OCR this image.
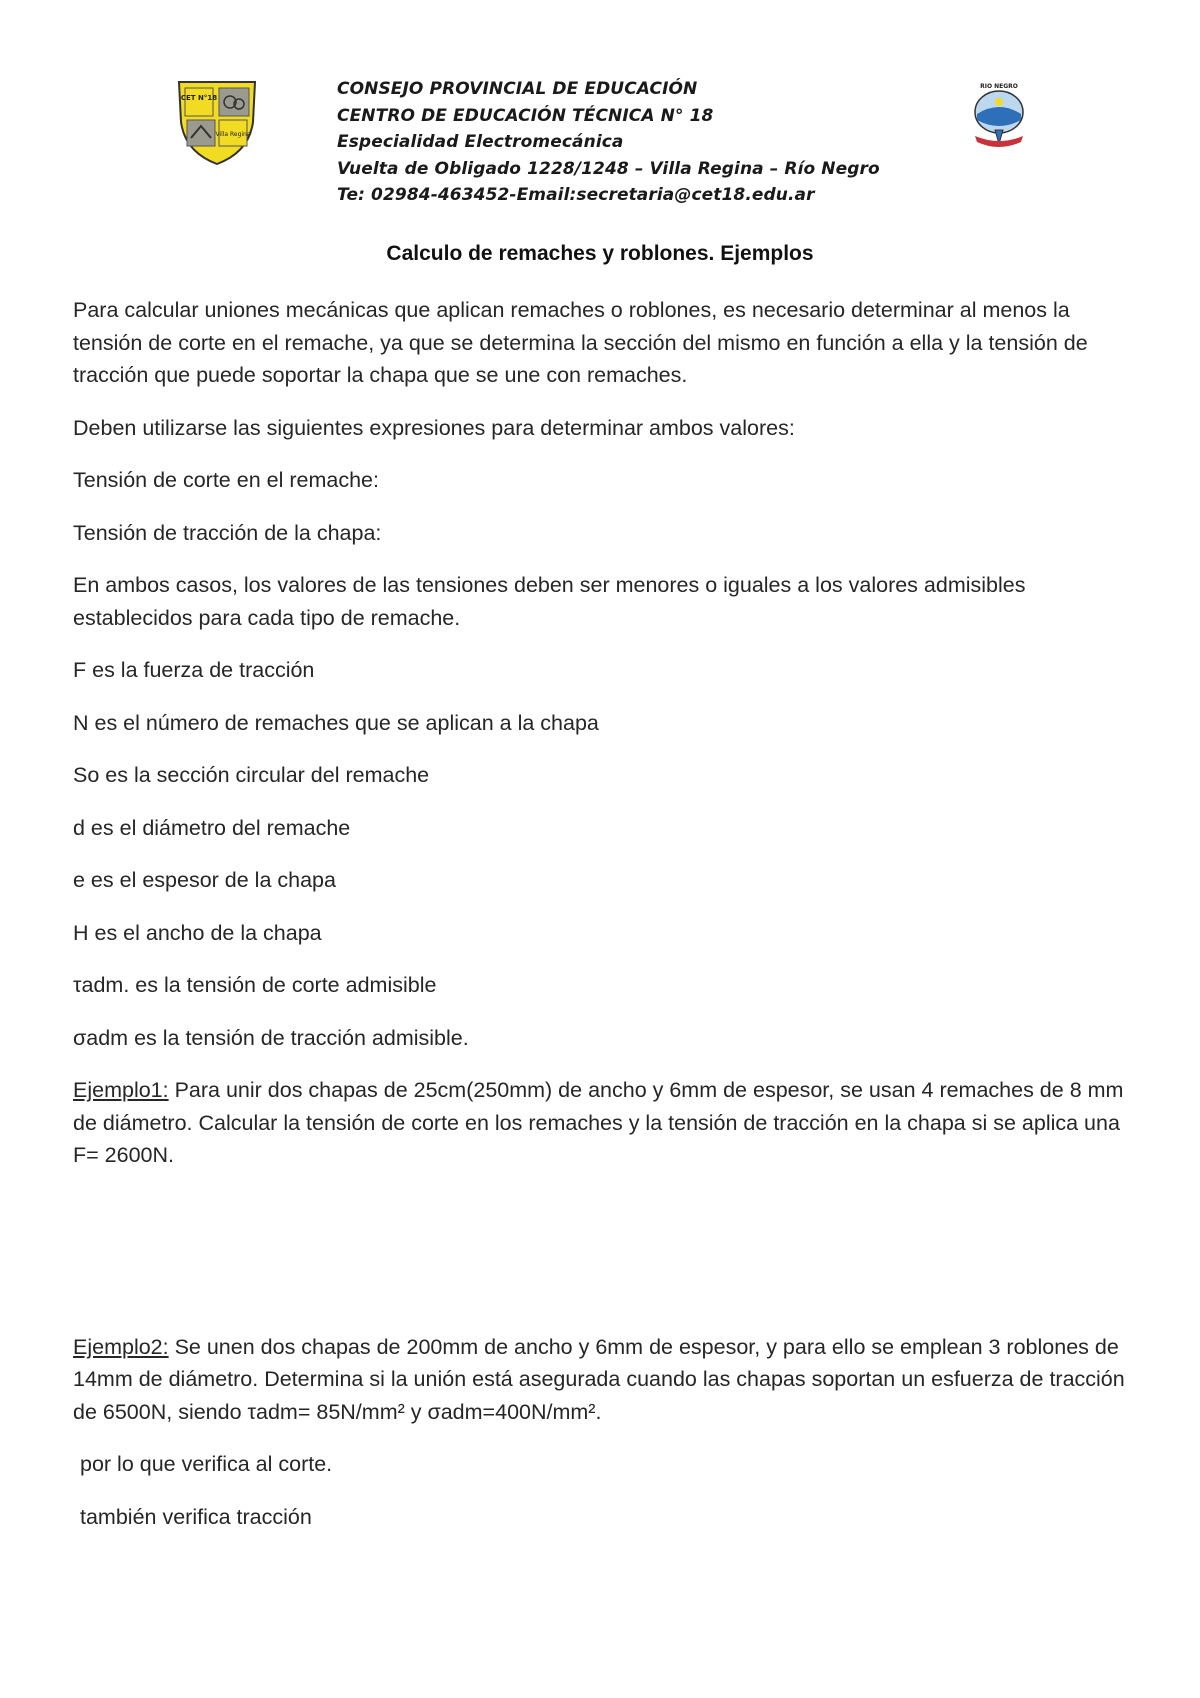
CET N°18
Villa Regina
CONSEJO PROVINCIAL DE EDUCACIÓN
CENTRO DE EDUCACIÓN TÉCNICA N° 18
Especialidad Electromecánica
Vuelta de Obligado 1228/1248 – Villa Regina – Río Negro
Te: 02984-463452-Email:secretaria@cet18.edu.ar
RIO NEGRO
Calculo de remaches y roblones. Ejemplos

Para calcular uniones mecánicas que aplican remaches o roblones, es necesario determinar al menos la tensión de corte en el remache, ya que se determina la sección del mismo en función a ella y la tensión de tracción que puede soportar la chapa que se une con remaches.

Deben utilizarse las siguientes expresiones para determinar ambos valores:

Tensión de corte en el remache:

Tensión de tracción de la chapa:

En ambos casos, los valores de las tensiones deben ser menores o iguales a los valores admisibles establecidos para cada tipo de remache.

F es la fuerza de tracción

N es el número de remaches que se aplican a la chapa

So es la sección circular del remache

d es el diámetro del remache

e es el espesor de la chapa

H es el ancho de la chapa

τadm. es la tensión de corte admisible

σadm es la tensión de tracción admisible.

Ejemplo1: Para unir dos chapas de 25cm(250mm) de ancho y 6mm de espesor, se usan 4 remaches de 8 mm de diámetro. Calcular la tensión de corte en los remaches y la tensión de tracción en la chapa si se aplica una F= 2600N.

Ejemplo2: Se unen dos chapas de 200mm de ancho y 6mm de espesor, y para ello se emplean 3 roblones de 14mm de diámetro. Determina si la unión está asegurada cuando las chapas soportan un esfuerza de tracción de 6500N, siendo τadm= 85N/mm² y σadm=400N/mm².

por lo que verifica al corte.

también verifica tracción
